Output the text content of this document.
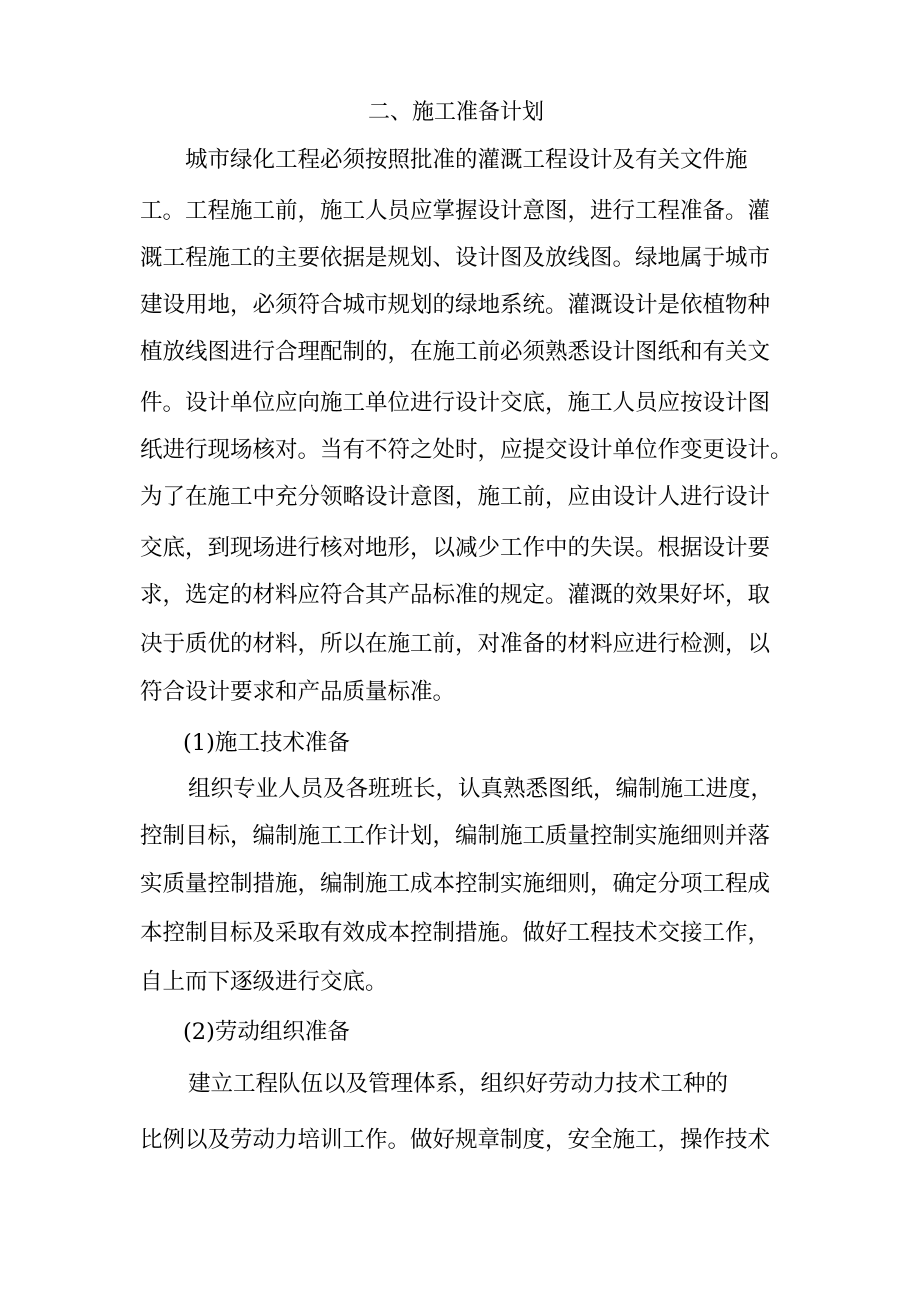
二、施工准备计划
城市绿化工程必须按照批准的灌溉工程设计及有关文件施
工。工程施工前，施工人员应掌握设计意图，进行工程准备。灌
溉工程施工的主要依据是规划、设计图及放线图。绿地属于城市
建设用地，必须符合城市规划的绿地系统。灌溉设计是依植物种
植放线图进行合理配制的，在施工前必须熟悉设计图纸和有关文
件。设计单位应向施工单位进行设计交底，施工人员应按设计图
纸进行现场核对。当有不符之处时，应提交设计单位作变更设计。
为了在施工中充分领略设计意图，施工前，应由设计人进行设计
交底，到现场进行核对地形，以减少工作中的失误。根据设计要
求，选定的材料应符合其产品标准的规定。灌溉的效果好坏，取
决于质优的材料，所以在施工前，对准备的材料应进行检测，以
符合设计要求和产品质量标准。
(1)施工技术准备
组织专业人员及各班班长，认真熟悉图纸，编制施工进度，
控制目标，编制施工工作计划，编制施工质量控制实施细则并落
实质量控制措施，编制施工成本控制实施细则，确定分项工程成
本控制目标及采取有效成本控制措施。做好工程技术交接工作，
自上而下逐级进行交底。
(2)劳动组织准备
建立工程队伍以及管理体系，组织好劳动力技术工种的
比例以及劳动力培训工作。做好规章制度，安全施工，操作技术
